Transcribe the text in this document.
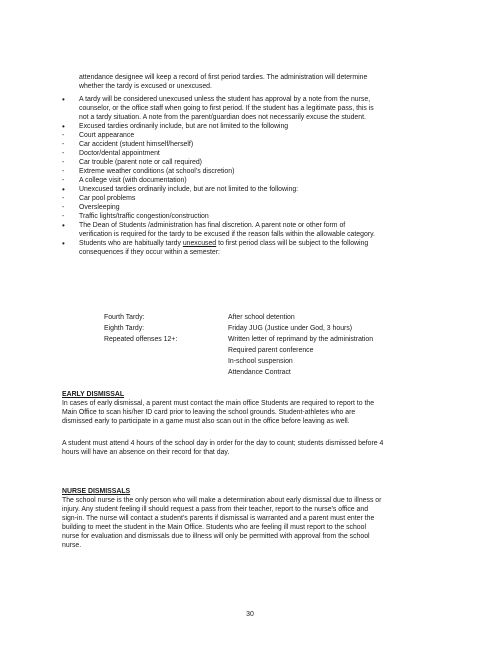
attendance designee will keep a record of first period tardies. The administration will determine
whether the tardy is excused or unexcused.
•	A tardy will be considered unexcused unless the student has approval by a note from the nurse,
counselor, or the office staff when going to first period. If the student has a legitimate pass, this is
not a tardy situation. A note from the parent/guardian does not necessarily excuse the student.
•	Excused tardies ordinarily include, but are not limited to the following
-	Court appearance
-	Car accident (student himself/herself)
-	Doctor/dental appointment
-	Car trouble (parent note or call required)
-	Extreme weather conditions (at school’s discretion)
-	A college visit (with documentation)
•	Unexcused tardies ordinarily include, but are not limited to the following:
-	Car pool problems
-	Oversleeping
-	Traffic lights/traffic congestion/construction
•	The Dean of Students /administration has final discretion. A parent note or other form of
verification is required for the tardy to be excused if the reason falls within the allowable category.
•	Students who are habitually tardy unexcused to first period class will be subject to the following
consequences if they occur within a semester:
Fourth Tardy:	After school detention
Eighth Tardy:	Friday JUG (Justice under God, 3 hours)
Repeated offenses 12+:	Written letter of reprimand by the administration
Required parent conference
In-school suspension
Attendance Contract
EARLY DISMISSAL
In cases of early dismissal, a parent must contact the main office Students are required to report to the
Main Office to scan his/her ID card prior to leaving the school grounds. Student-athletes who are
dismissed early to participate in a game must also scan out in the office before leaving as well.
A student must attend 4 hours of the school day in order for the day to count; students dismissed before 4
hours will have an absence on their record for that day.
NURSE DISMISSALS
The school nurse is the only person who will make a determination about early dismissal due to illness or
injury. Any student feeling ill should request a pass from their teacher, report to the nurse’s office and
sign-in. The nurse will contact a student’s parents if dismissal is warranted and a parent must enter the
building to meet the student in the Main Office. Students who are feeling ill must report to the school
nurse for evaluation and dismissals due to illness will only be permitted with approval from the school
nurse.
30
